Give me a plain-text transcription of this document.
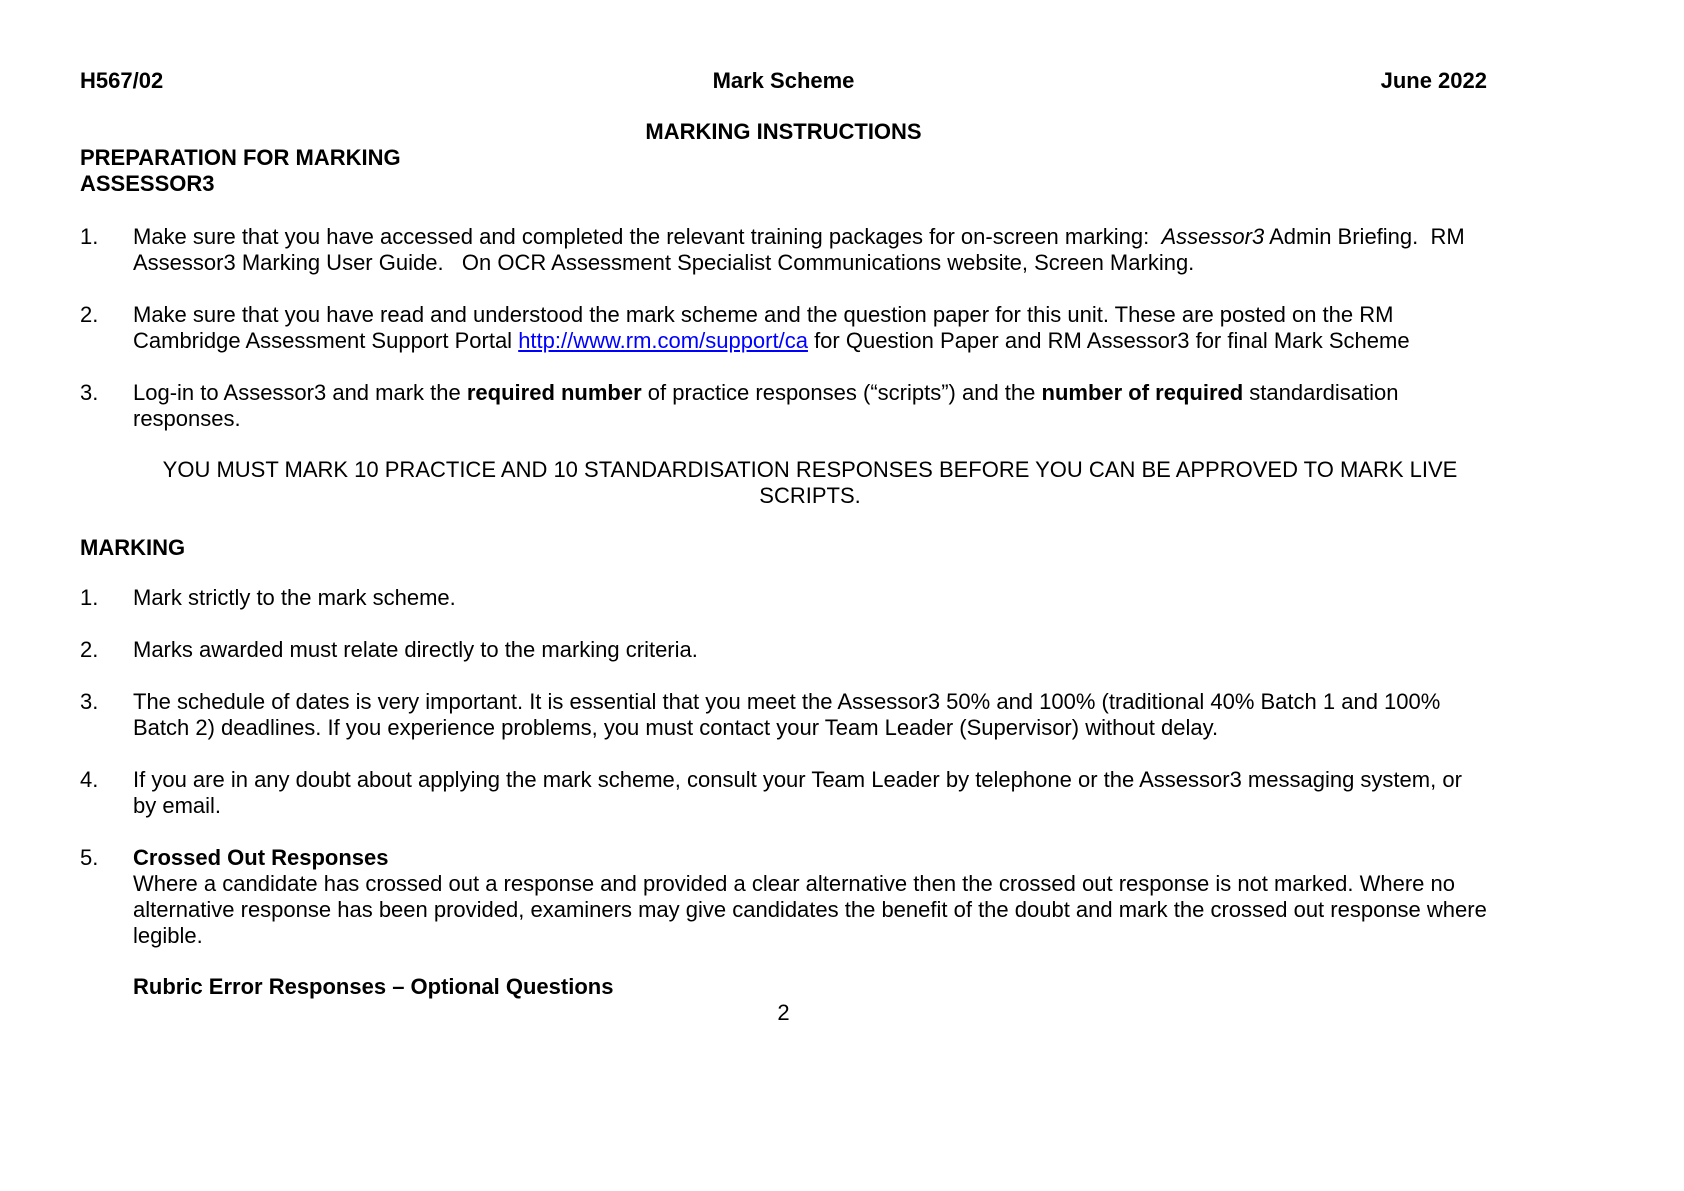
H567/02	Mark Scheme	June 2022
MARKING INSTRUCTIONS
PREPARATION FOR MARKING
ASSESSOR3
1.	Make sure that you have accessed and completed the relevant training packages for on-screen marking:  Assessor3 Admin Briefing.  RM Assessor3 Marking User Guide.   On OCR Assessment Specialist Communications website, Screen Marking.
2.	Make sure that you have read and understood the mark scheme and the question paper for this unit. These are posted on the RM Cambridge Assessment Support Portal http://www.rm.com/support/ca for Question Paper and RM Assessor3 for final Mark Scheme
3.	Log-in to Assessor3 and mark the required number of practice responses (“scripts”) and the number of required standardisation responses.
YOU MUST MARK 10 PRACTICE AND 10 STANDARDISATION RESPONSES BEFORE YOU CAN BE APPROVED TO MARK LIVE SCRIPTS.
MARKING
1.	Mark strictly to the mark scheme.
2.	Marks awarded must relate directly to the marking criteria.
3.	The schedule of dates is very important. It is essential that you meet the Assessor3 50% and 100% (traditional 40% Batch 1 and 100% Batch 2) deadlines. If you experience problems, you must contact your Team Leader (Supervisor) without delay.
4.	If you are in any doubt about applying the mark scheme, consult your Team Leader by telephone or the Assessor3 messaging system, or by email.
5.	Crossed Out Responses
Where a candidate has crossed out a response and provided a clear alternative then the crossed out response is not marked. Where no alternative response has been provided, examiners may give candidates the benefit of the doubt and mark the crossed out response where legible.
Rubric Error Responses – Optional Questions
2
